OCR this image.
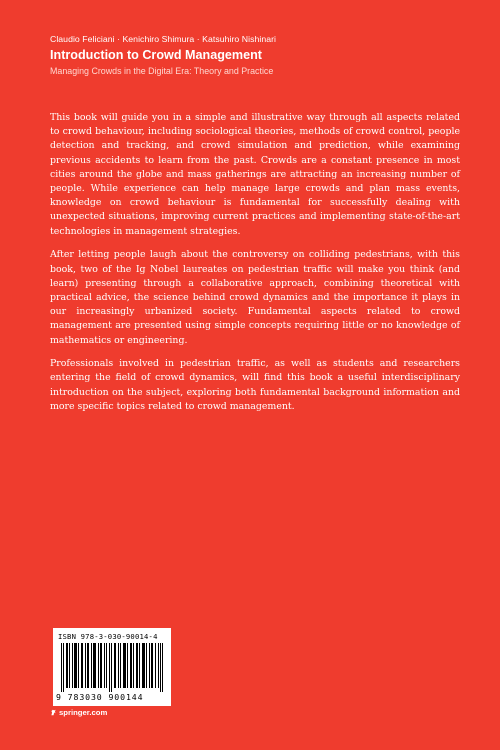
Claudio Feliciani · Kenichiro Shimura · Katsuhiro Nishinari

Introduction to Crowd Management

Managing Crowds in the Digital Era: Theory and Practice

This book will guide you in a simple and illustrative way through all aspects related to crowd behaviour, including sociological theories, methods of crowd control, people detection and tracking, and crowd simulation and prediction, while examining previous accidents to learn from the past. Crowds are a constant presence in most cities around the globe and mass gatherings are attracting an increasing number of people. While experience can help manage large crowds and plan mass events, knowledge on crowd behaviour is fundamental for successfully dealing with unexpected situations, improving current practices and implementing state-of-the-art technologies in management strategies.

After letting people laugh about the controversy on colliding pedestrians, with this book, two of the Ig Nobel laureates on pedestrian traffic will make you think (and learn) presenting through a collaborative approach, combining theoretical with practical advice, the science behind crowd dynamics and the importance it plays in our increasingly urbanized society. Fundamental aspects related to crowd management are presented using simple concepts requiring little or no knowledge of mathematics or engineering.

Professionals involved in pedestrian traffic, as well as students and researchers entering the field of crowd dynamics, will find this book a useful interdisciplinary introduction on the subject, exploring both fundamental background information and more specific topics related to crowd management.

ISBN 978-3-030-90014-4
9 783030 900144
springer.com
